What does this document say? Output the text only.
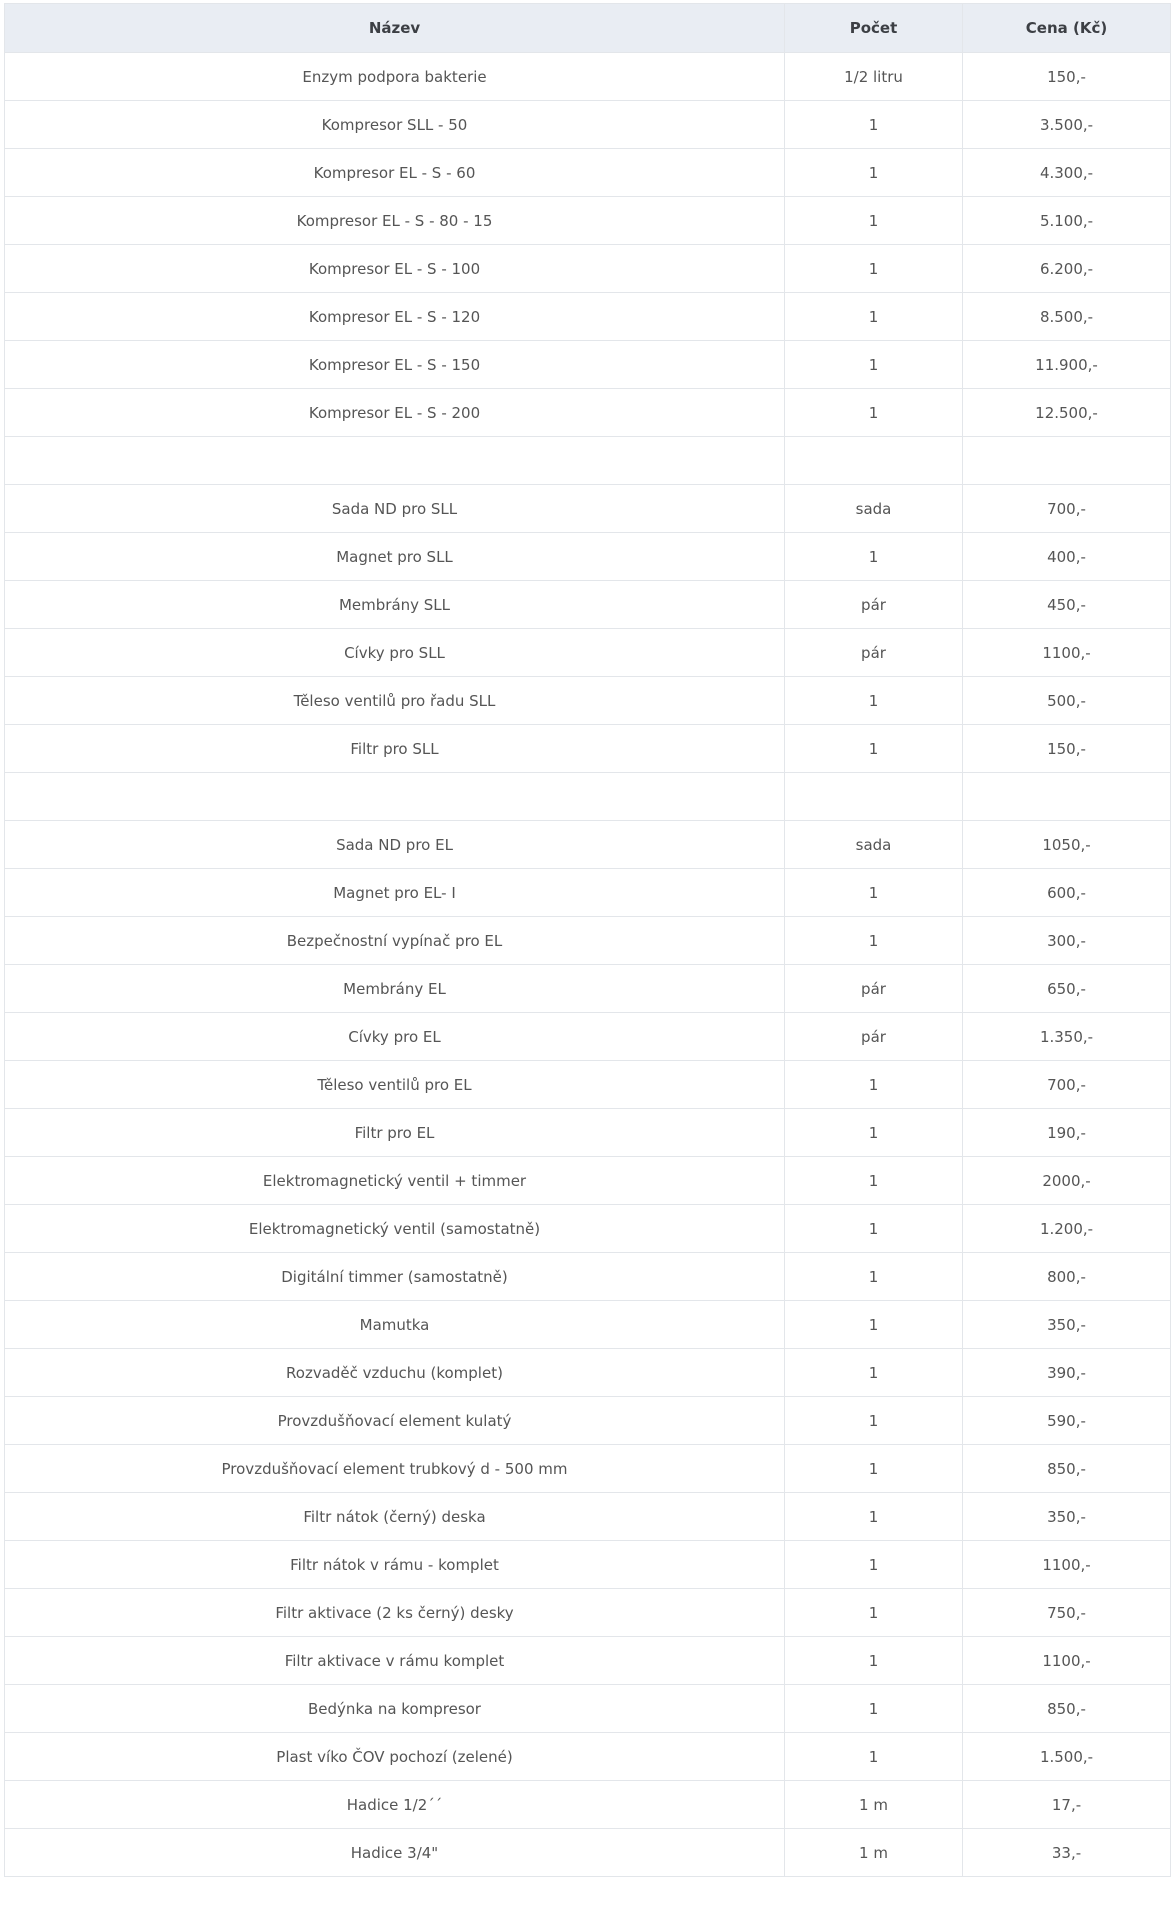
Název	Počet	Cena (Kč)
Enzym podpora bakterie	1/2 litru	150,-
Kompresor SLL - 50	1	3.500,-
Kompresor EL - S - 60	1	4.300,-
Kompresor EL - S - 80 - 15	1	5.100,-
Kompresor EL - S - 100	1	6.200,-
Kompresor EL - S - 120	1	8.500,-
Kompresor EL - S - 150	1	11.900,-
Kompresor EL - S - 200	1	12.500,-

Sada ND pro SLL	sada	700,-
Magnet pro SLL	1	400,-
Membrány SLL	pár	450,-
Cívky pro SLL	pár	1100,-
Těleso ventilů pro řadu SLL	1	500,-
Filtr pro SLL	1	150,-

Sada ND pro EL	sada	1050,-
Magnet pro EL- I	1	600,-
Bezpečnostní vypínač pro EL	1	300,-
Membrány EL	pár	650,-
Cívky pro EL	pár	1.350,-
Těleso ventilů pro EL	1	700,-
Filtr pro EL	1	190,-
Elektromagnetický ventil + timmer	1	2000,-
Elektromagnetický ventil (samostatně)	1	1.200,-
Digitální timmer (samostatně)	1	800,-
Mamutka	1	350,-
Rozvaděč vzduchu (komplet)	1	390,-
Provzdušňovací element kulatý	1	590,-
Provzdušňovací element trubkový d - 500 mm	1	850,-
Filtr nátok (černý) deska	1	350,-
Filtr nátok v rámu - komplet	1	1100,-
Filtr aktivace (2 ks černý) desky	1	750,-
Filtr aktivace v rámu komplet	1	1100,-
Bedýnka na kompresor	1	850,-
Plast víko ČOV pochozí (zelené)	1	1.500,-
Hadice 1/2´´	1 m	17,-
Hadice 3/4"	1 m	33,-
